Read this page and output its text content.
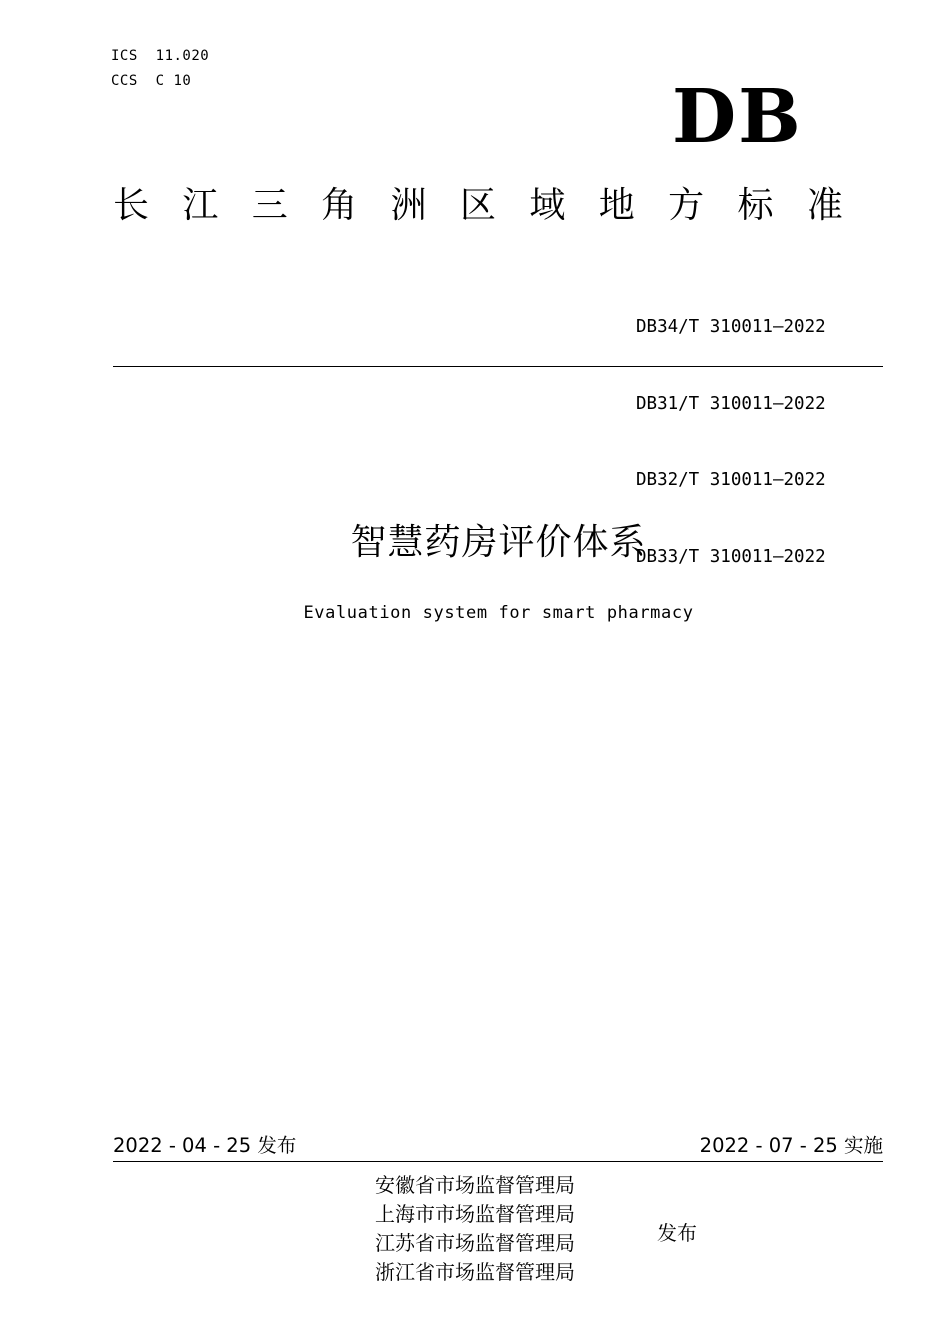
ICS  11.020
CCS  C 10	DB
长 江 三 角 洲 区 域 地 方 标 准

DB34/T 310011—2022

DB31/T 310011—2022

DB32/T 310011—2022

DB33/T 310011—2022

智慧药房评价体系
Evaluation system for smart pharmacy
2022 - 04 - 25 发布	2022 - 07 - 25 实施
安徽省市场监督管理局
上海市市场监督管理局
江苏省市场监督管理局
浙江省市场监督管理局
发布
